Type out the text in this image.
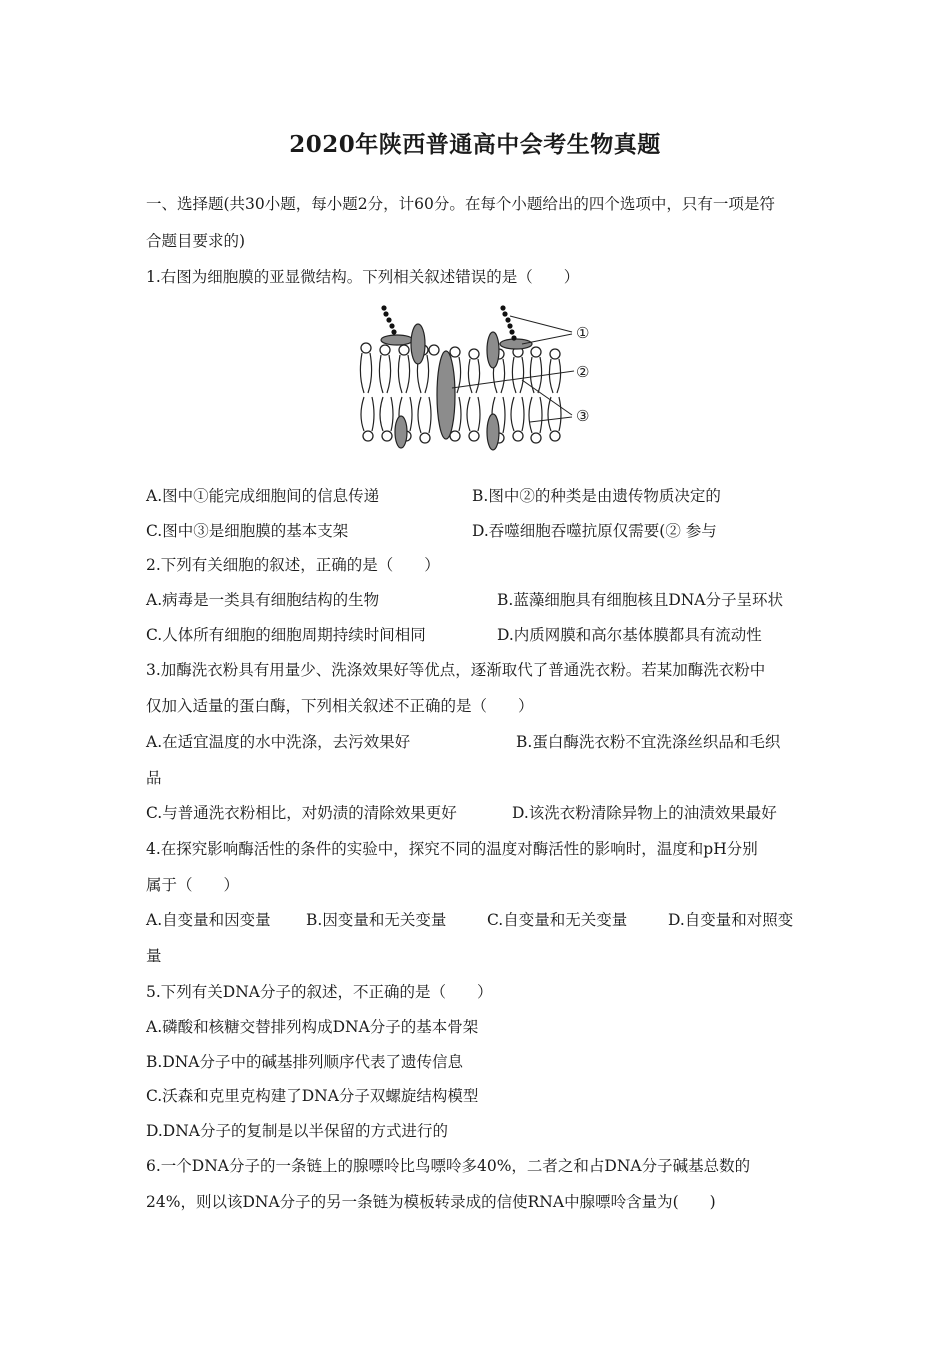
2020年陕西普通高中会考生物真题
一、选择题(共30小题，每小题2分，计60分。在每个小题给出的四个选项中，只有一项是符
合题目要求的)
1.右图为细胞膜的亚显微结构。下列相关叙述错误的是（　　）
①
②
③
A.图中①能完成细胞间的信息传递	B.图中②的种类是由遗传物质决定的
C.图中③是细胞膜的基本支架	D.吞噬细胞吞噬抗原仅需要(② 参与
2.下列有关细胞的叙述，正确的是（　　）
A.病毒是一类具有细胞结构的生物	B.蓝藻细胞具有细胞核且DNA分子呈环状
C.人体所有细胞的细胞周期持续时间相同	D.内质网膜和高尔基体膜都具有流动性
3.加酶洗衣粉具有用量少、洗涤效果好等优点，逐渐取代了普通洗衣粉。若某加酶洗衣粉中
仅加入适量的蛋白酶，下列相关叙述不正确的是（　　）
A.在适宜温度的水中洗涤，去污效果好	B.蛋白酶洗衣粉不宜洗涤丝织品和毛织
品
C.与普通洗衣粉相比，对奶渍的清除效果更好	D.该洗衣粉清除异物上的油渍效果最好
4.在探究影响酶活性的条件的实验中，探究不同的温度对酶活性的影响时，温度和pH分别
属于（　　）
A.自变量和因变量 B.因变量和无关变量	C.自变量和无关变量	D.自变量和对照变
量
5.下列有关DNA分子的叙述，不正确的是（　　）
A.磷酸和核糖交替排列构成DNA分子的基本骨架
B.DNA分子中的碱基排列顺序代表了遗传信息
C.沃森和克里克构建了DNA分子双螺旋结构模型
D.DNA分子的复制是以半保留的方式进行的
6.一个DNA分子的一条链上的腺嘌呤比鸟嘌呤多40%，二者之和占DNA分子碱基总数的
24%，则以该DNA分子的另一条链为模板转录成的信使RNA中腺嘌呤含量为(　　)
